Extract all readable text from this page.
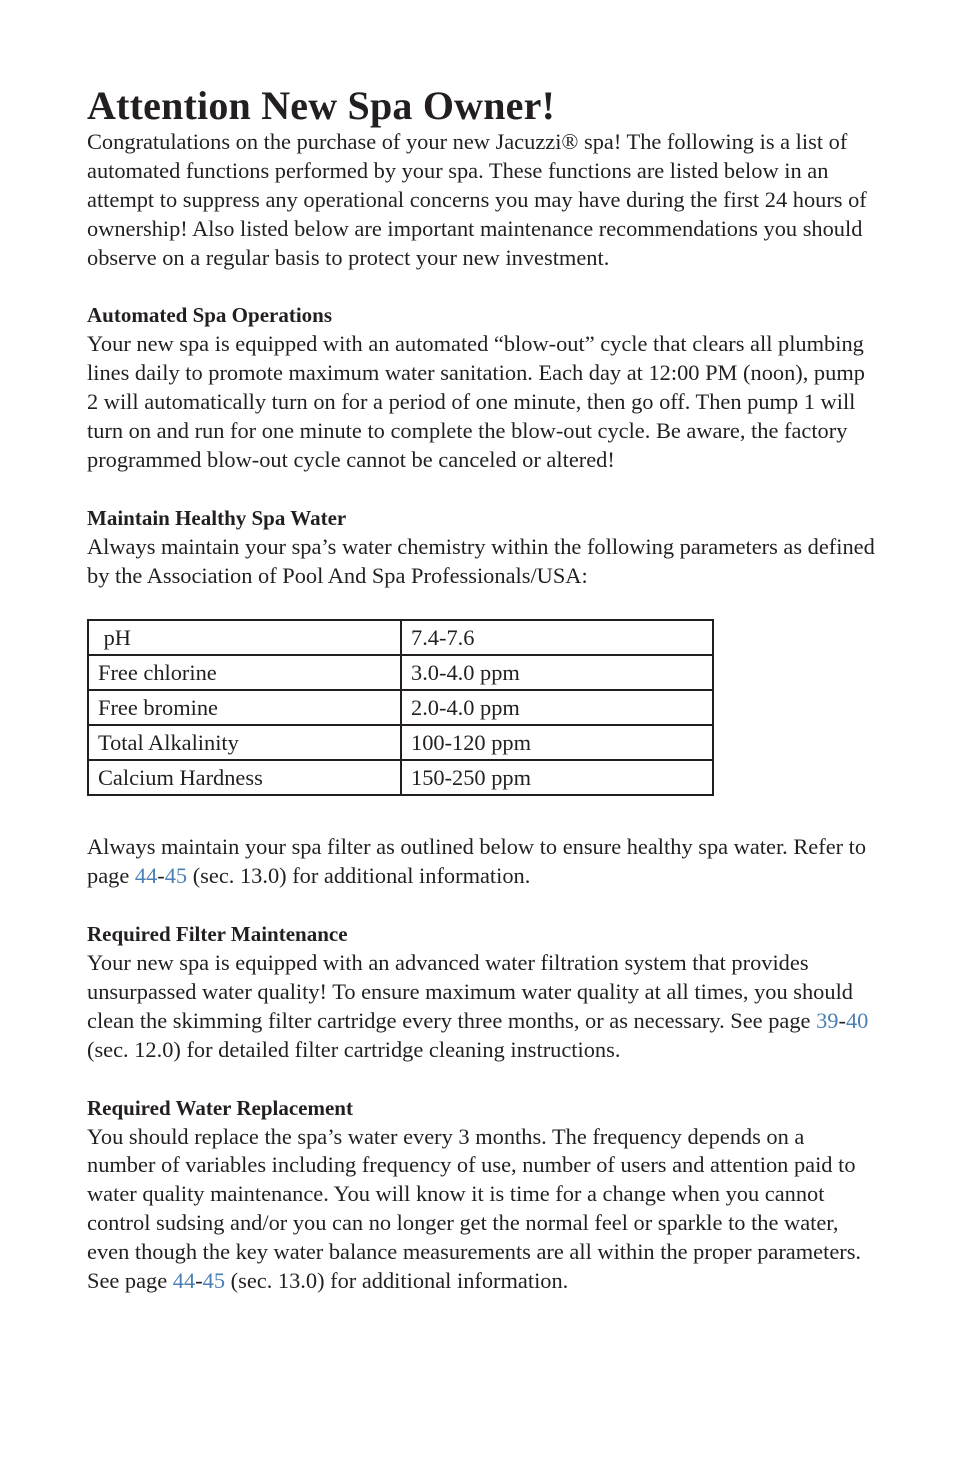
Attention New Spa Owner!

Congratulations on the purchase of your new Jacuzzi® spa! The following is a list of automated functions performed by your spa. These functions are listed below in an attempt to suppress any operational concerns you may have during the first 24 hours of ownership! Also listed below are important maintenance recommendations you should observe on a regular basis to protect your new investment.

Automated Spa Operations

Your new spa is equipped with an automated “blow-out” cycle that clears all plumbing lines daily to promote maximum water sanitation. Each day at 12:00 PM (noon), pump 2 will automatically turn on for a period of one minute, then go off. Then pump 1 will turn on and run for one minute to complete the blow-out cycle. Be aware, the factory programmed blow-out cycle cannot be canceled or altered!

Maintain Healthy Spa Water

Always maintain your spa’s water chemistry within the following parameters as defined by the Association of Pool And Spa Professionals/USA:

pH	7.4-7.6
Free chlorine	3.0-4.0 ppm
Free bromine	2.0-4.0 ppm
Total Alkalinity	100-120 ppm
Calcium Hardness	150-250 ppm

Always maintain your spa filter as outlined below to ensure healthy spa water. Refer to page 44-45 (sec. 13.0) for additional information.

Required Filter Maintenance

Your new spa is equipped with an advanced water filtration system that provides unsurpassed water quality! To ensure maximum water quality at all times, you should clean the skimming filter cartridge every three months, or as necessary. See page 39-40 (sec. 12.0) for detailed filter cartridge cleaning instructions.

Required Water Replacement

You should replace the spa’s water every 3 months. The frequency depends on a number of variables including frequency of use, number of users and attention paid to water quality maintenance. You will know it is time for a change when you cannot control sudsing and/or you can no longer get the normal feel or sparkle to the water, even though the key water balance measurements are all within the proper parameters. See page 44-45 (sec. 13.0) for additional information.
